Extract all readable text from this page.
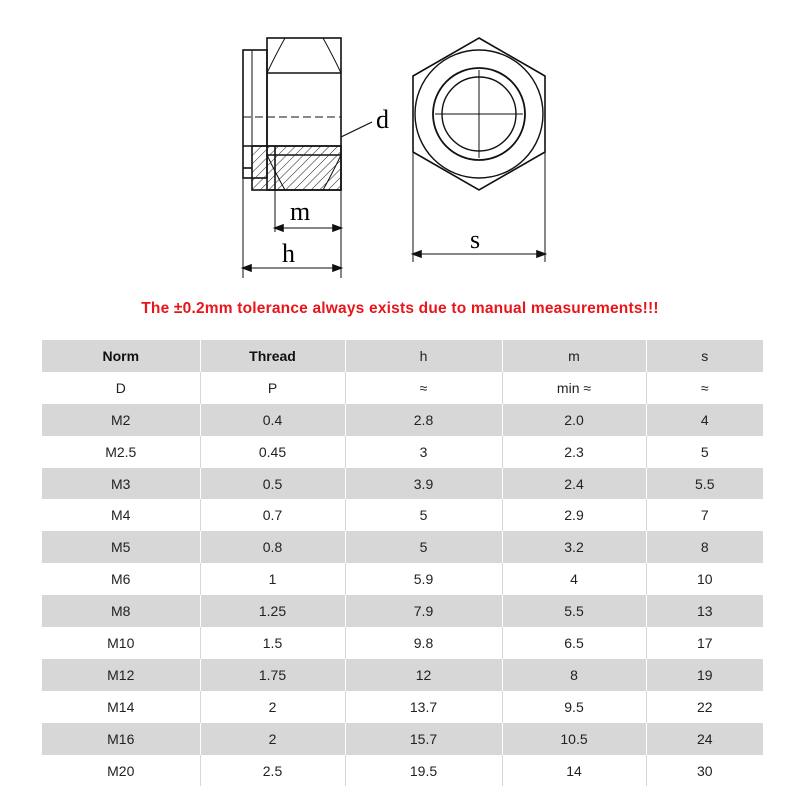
d
m
h	s
The ±0.2mm tolerance always exists due to manual measurements!!!
Norm	Thread	h	m	s
D	P	≈	min ≈	≈
M2	0.4	2.8	2.0	4
M2.5	0.45	3	2.3	5
M3	0.5	3.9	2.4	5.5
M4	0.7	5	2.9	7
M5	0.8	5	3.2	8
M6	1	5.9	4	10
M8	1.25	7.9	5.5	13
M10	1.5	9.8	6.5	17
M12	1.75	12	8	19
M14	2	13.7	9.5	22
M16	2	15.7	10.5	24
M20	2.5	19.5	14	30
